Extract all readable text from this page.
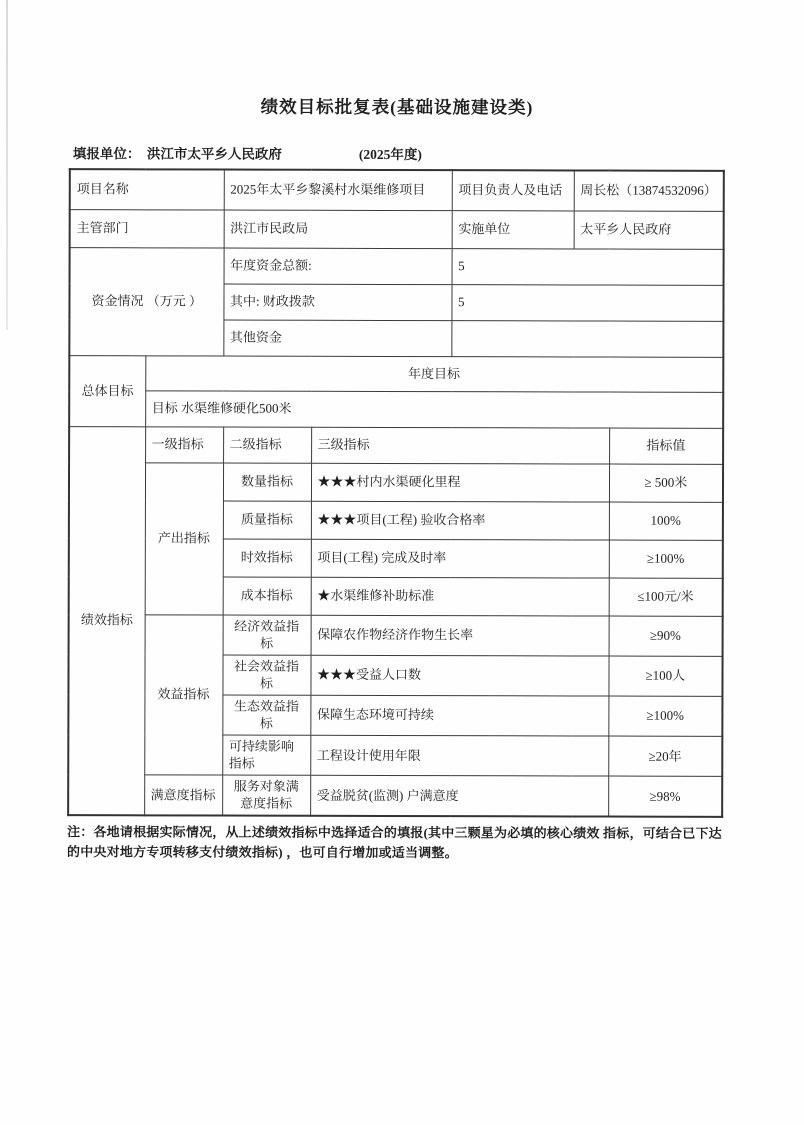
绩效目标批复表(基础设施建设类)
填报单位： 洪江市太平乡人民政府	(2025年度)
项目名称		2025年太平乡黎溪村水渠维修项目		项目负责人及电话	周长松（13874532096）	
主管部门		洪江市民政局		实施单位	太平乡人民政府	
资金情况 （万元 ）		年度资金总额:		5		
		其中: 财政拨款		5		
		其他资金				
总体目标	年度目标					
	目标 水渠维修硬化500米					
绩效指标	一级指标	二级指标	三级指标			指标值
	产出指标	数量指标	★★★村内水渠硬化里程			≥ 500米
		质量指标	★★★项目(工程) 验收合格率			100%
		时效指标	项目(工程) 完成及时率			≥100%
		成本指标	★水渠维修补助标准			≤100元/米
	效益指标	经济效益指标	保障农作物经济作物生长率			≥90%
		社会效益指标	★★★受益人口数			≥100人
		生态效益指标	保障生态环境可持续			≥100%
		可持续影响指标	工程设计使用年限			≥20年
	满意度指标	服务对象满意度指标	受益脱贫(监测) 户满意度			≥98%

注：各地请根据实际情况，从上述绩效指标中选择适合的填报(其中三颗星为必填的核心绩效 指标，可结合已下达的中央对地方专项转移支付绩效指标) ，也可自行增加或适当调整。
